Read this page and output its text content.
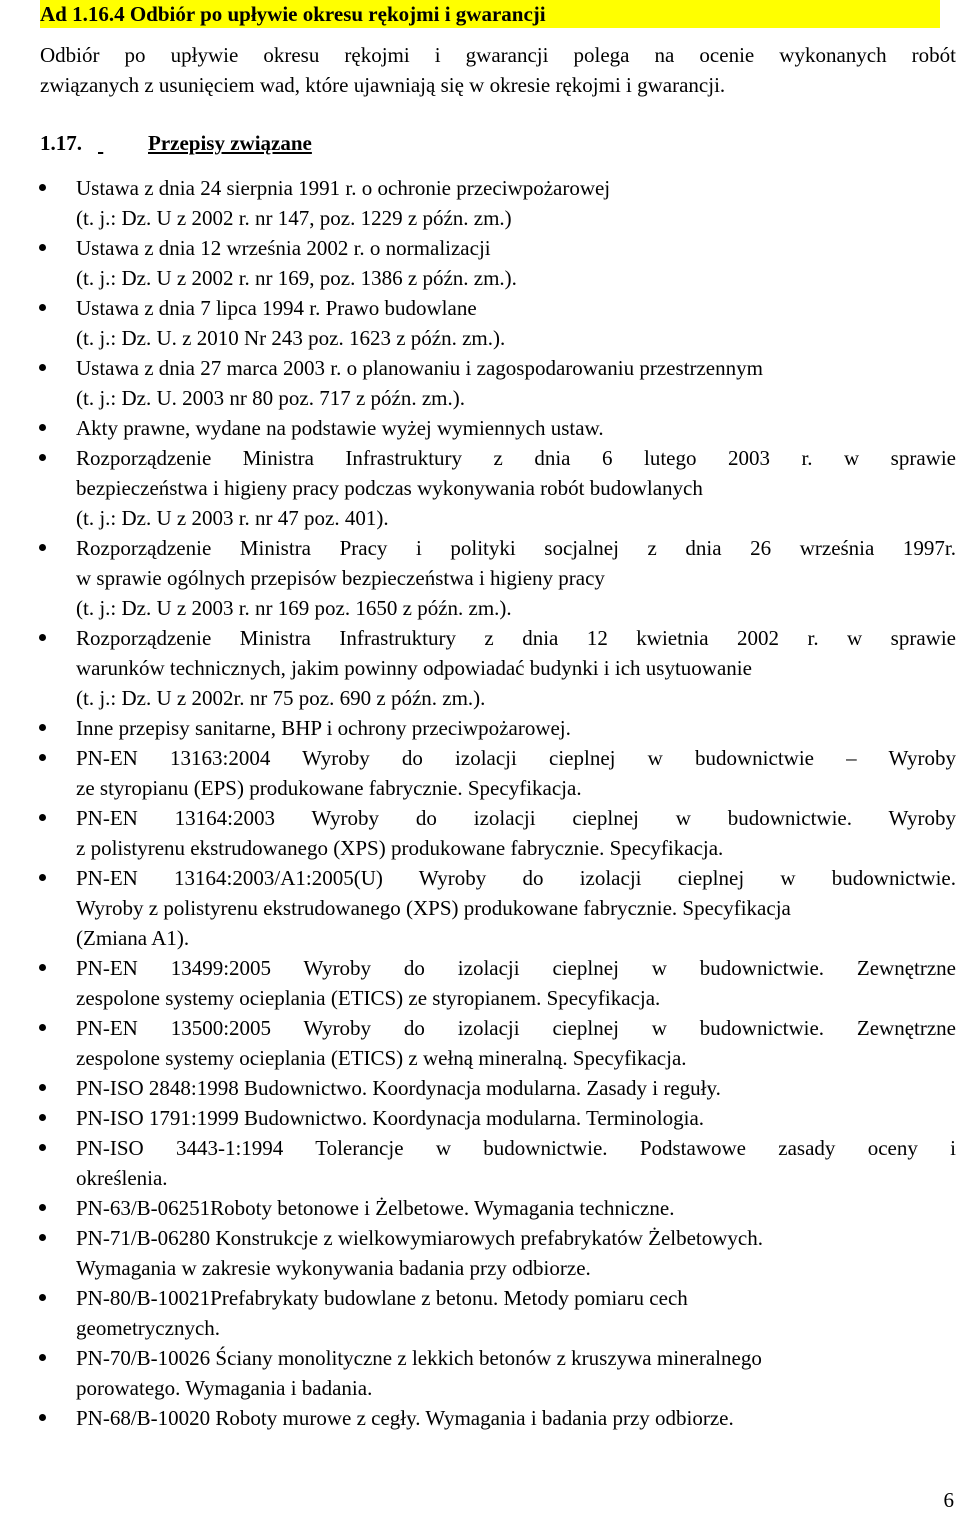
Ad 1.16.4 Odbiór po upływie okresu rękojmi i gwarancji
Odbiór po upływie okresu rękojmi i gwarancji polega na ocenie wykonanych robót
związanych z usunięciem wad, które ujawniają się w okresie rękojmi i gwarancji.
1.17.	Przepisy związane
Ustawa z dnia 24 sierpnia 1991 r. o ochronie przeciwpożarowej
(t. j.: Dz. U z 2002 r. nr 147, poz. 1229 z późn. zm.)
Ustawa z dnia 12 września 2002 r. o normalizacji
(t. j.: Dz. U z 2002 r. nr 169, poz. 1386 z późn. zm.).
Ustawa z dnia 7 lipca 1994 r. Prawo budowlane
(t. j.: Dz. U. z 2010 Nr 243 poz. 1623 z późn. zm.).
Ustawa z dnia 27 marca 2003 r. o planowaniu i zagospodarowaniu przestrzennym
(t. j.: Dz. U. 2003 nr 80 poz. 717 z późn. zm.).
Akty prawne, wydane na podstawie wyżej wymiennych ustaw.
Rozporządzenie Ministra Infrastruktury z dnia 6 lutego 2003 r. w sprawie
bezpieczeństwa i higieny pracy podczas wykonywania robót budowlanych
(t. j.: Dz. U z 2003 r. nr 47 poz. 401).
Rozporządzenie Ministra Pracy i polityki socjalnej z dnia 26 września 1997r.
w sprawie ogólnych przepisów bezpieczeństwa i higieny pracy
(t. j.: Dz. U z 2003 r. nr 169 poz. 1650 z późn. zm.).
Rozporządzenie Ministra Infrastruktury z dnia 12 kwietnia 2002 r. w sprawie
warunków technicznych, jakim powinny odpowiadać budynki i ich usytuowanie
(t. j.: Dz. U z 2002r. nr 75 poz. 690 z późn. zm.).
Inne przepisy sanitarne, BHP i ochrony przeciwpożarowej.
PN-EN 13163:2004 Wyroby do izolacji cieplnej w budownictwie – Wyroby
ze styropianu (EPS) produkowane fabrycznie. Specyfikacja.
PN-EN 13164:2003 Wyroby do izolacji cieplnej w budownictwie. Wyroby
z polistyrenu ekstrudowanego (XPS) produkowane fabrycznie. Specyfikacja.
PN-EN 13164:2003/A1:2005(U) Wyroby do izolacji cieplnej w budownictwie.
Wyroby z polistyrenu ekstrudowanego (XPS) produkowane fabrycznie. Specyfikacja
(Zmiana A1).
PN-EN 13499:2005 Wyroby do izolacji cieplnej w budownictwie. Zewnętrzne
zespolone systemy ocieplania (ETICS) ze styropianem. Specyfikacja.
PN-EN 13500:2005 Wyroby do izolacji cieplnej w budownictwie. Zewnętrzne
zespolone systemy ocieplania (ETICS) z wełną mineralną. Specyfikacja.
PN-ISO 2848:1998 Budownictwo. Koordynacja modularna. Zasady i reguły.
PN-ISO 1791:1999 Budownictwo. Koordynacja modularna. Terminologia.
PN-ISO 3443-1:1994 Tolerancje w budownictwie. Podstawowe zasady oceny i
określenia.
PN-63/B-06251Roboty betonowe i Żelbetowe. Wymagania techniczne.
PN-71/B-06280 Konstrukcje z wielkowymiarowych prefabrykatów Żelbetowych.
Wymagania w zakresie wykonywania badania przy odbiorze.
PN-80/B-10021Prefabrykaty budowlane z betonu. Metody pomiaru cech
geometrycznych.
PN-70/B-10026 Ściany monolityczne z lekkich betonów z kruszywa mineralnego
porowatego. Wymagania i badania.
PN-68/B-10020 Roboty murowe z cegły. Wymagania i badania przy odbiorze.
6
